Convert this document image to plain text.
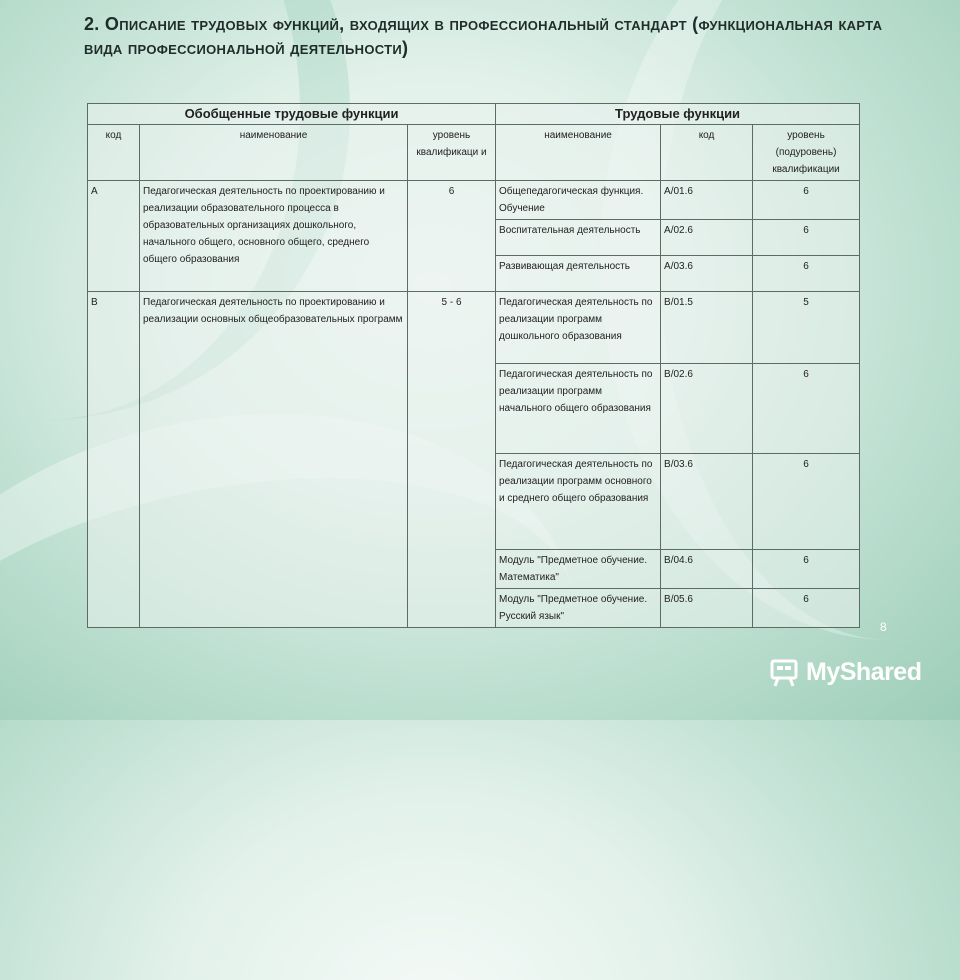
2. Описание трудовых функций, входящих в профессиональный стандарт (функциональная карта вида профессиональной деятельности)
Обобщенные трудовые функции			Трудовые функции		
код	наименование	уровень квалификаци и	наименование	код	уровень (подуровень) квалификации
А	Педагогическая деятельность по проектированию и реализации образовательного процесса в образовательных организациях дошкольного, начального общего, основного общего, среднего общего образования	6	Общепедагогическая функция. Обучение	А/01.6	6
			Воспитательная деятельность	А/02.6	6
			Развивающая деятельность	А/03.6	6
В	Педагогическая деятельность по проектированию и реализации основных общеобразовательных программ	5 - 6	Педагогическая деятельность по реализации программ дошкольного образования	В/01.5	5
			Педагогическая деятельность по реализации программ начального общего образования	В/02.6	6
			Педагогическая деятельность по реализации программ основного и среднего общего образования	В/03.6	6
			Модуль "Предметное обучение. Математика"	В/04.6	6
			Модуль "Предметное обучение. Русский язык"	В/05.6	6
8
MyShared
